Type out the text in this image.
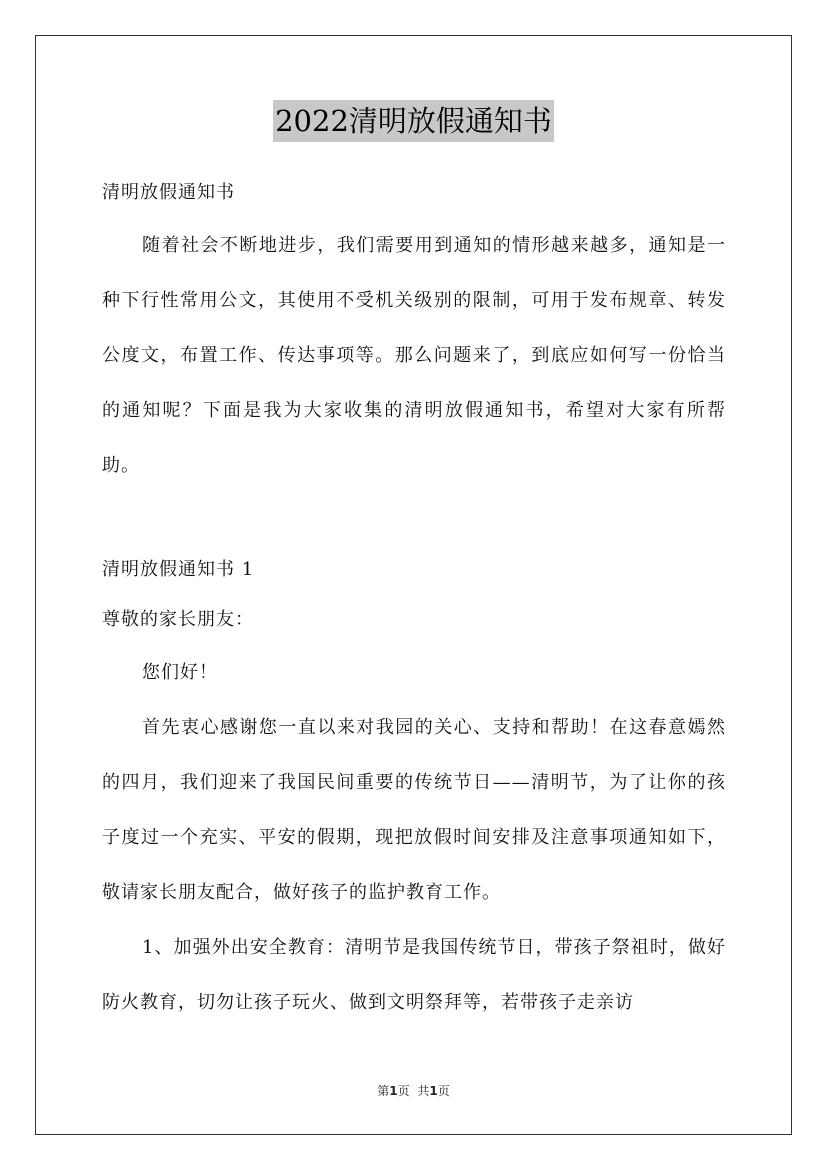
2022清明放假通知书

清明放假通知书

随着社会不断地进步，我们需要用到通知的情形越来越多，通知是一种下行性常用公文，其使用不受机关级别的限制，可用于发布规章、转发公度文，布置工作、传达事项等。那么问题来了，到底应如何写一份恰当的通知呢？下面是我为大家收集的清明放假通知书，希望对大家有所帮助。

清明放假通知书 1

尊敬的家长朋友：

您们好！

首先衷心感谢您一直以来对我园的关心、支持和帮助！在这春意嫣然的四月，我们迎来了我国民间重要的传统节日——清明节，为了让你的孩子度过一个充实、平安的假期，现把放假时间安排及注意事项通知如下，敬请家长朋友配合，做好孩子的监护教育工作。

1、加强外出安全教育：清明节是我国传统节日，带孩子祭祖时，做好防火教育，切勿让孩子玩火、做到文明祭拜等，若带孩子走亲访

第1页 共1页
